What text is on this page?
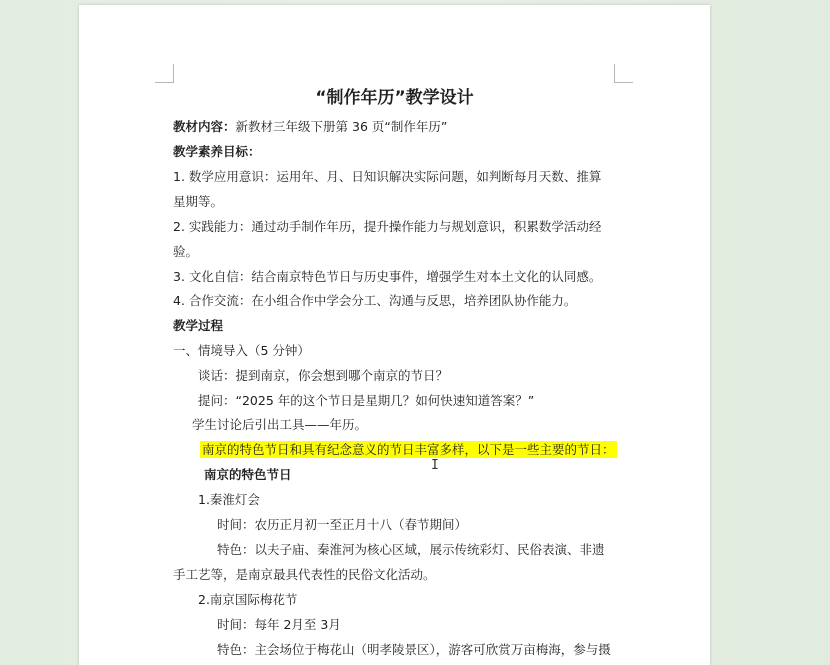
“制作年历”教学设计
教材内容：新教材三年级下册第 36 页“制作年历”
教学素养目标：
1. 数学应用意识：运用年、月、日知识解决实际问题，如判断每月天数、推算
星期等。
2. 实践能力：通过动手制作年历，提升操作能力与规划意识，积累数学活动经
验。
3. 文化自信：结合南京特色节日与历史事件，增强学生对本土文化的认同感。
4. 合作交流：在小组合作中学会分工、沟通与反思，培养团队协作能力。
教学过程
一、情境导入（5 分钟）
谈话：提到南京，你会想到哪个南京的节日？
提问：“2025 年的这个节日是星期几？如何快速知道答案？”
学生讨论后引出工具——年历。
南京的特色节日和具有纪念意义的节日丰富多样，以下是一些主要的节日：
南京的特色节日
1.秦淮灯会
时间：农历正月初一至正月十八（春节期间）
特色：以夫子庙、秦淮河为核心区域，展示传统彩灯、民俗表演、非遗
手工艺等，是南京最具代表性的民俗文化活动。
2.南京国际梅花节
时间：每年 2月至 3月
特色：主会场位于梅花山（明孝陵景区），游客可欣赏万亩梅海，参与摄
I
